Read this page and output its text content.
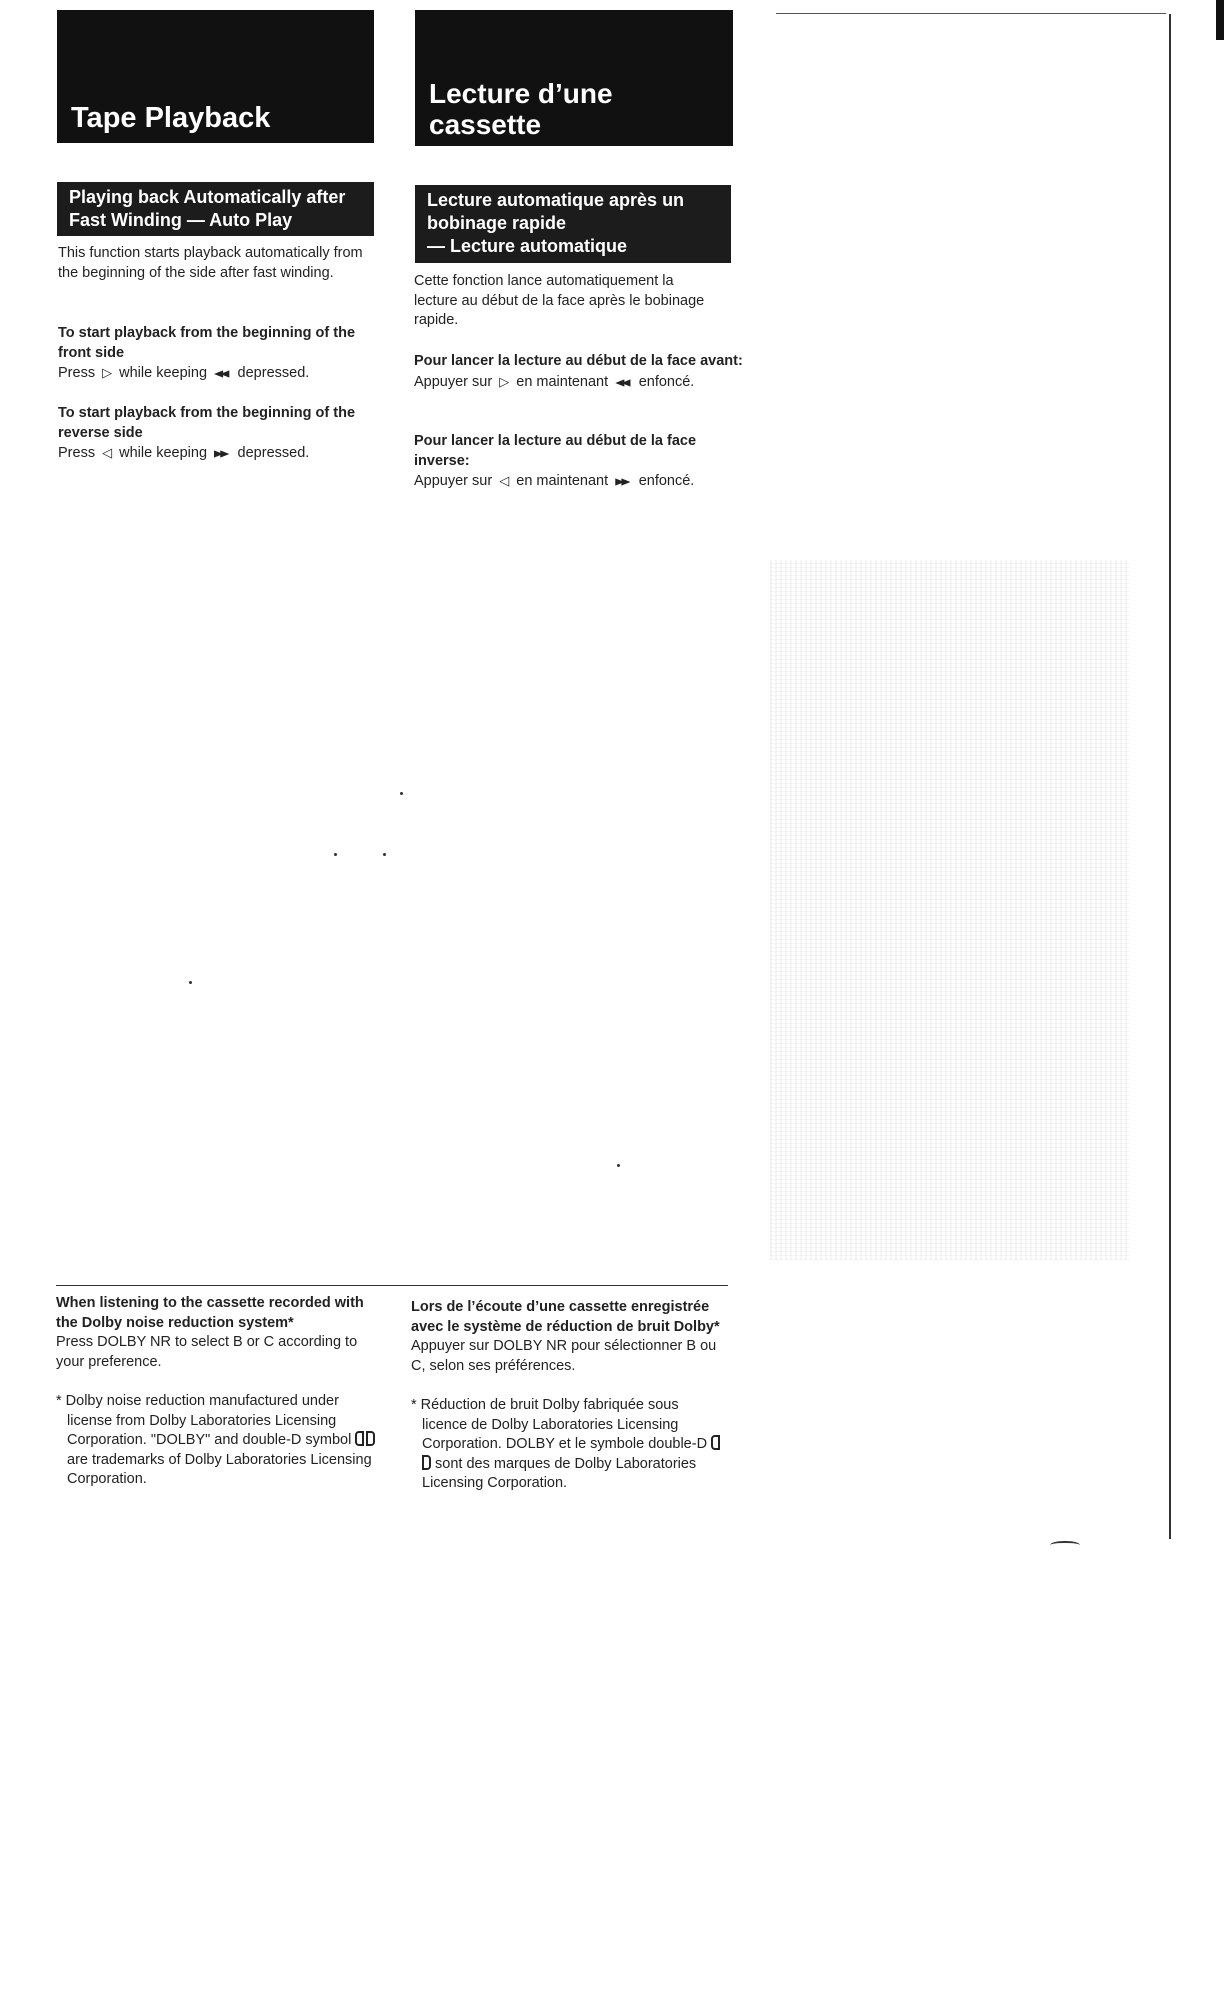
Tape Playback
Lecture d’une
cassette
Playing back Automatically after
Fast Winding — Auto Play
Lecture automatique après un
bobinage rapide
— Lecture automatique
This function starts playback automatically from the beginning of the side after fast winding.
To start playback from the beginning of the front side
Press ▷ while keeping ◀◀ depressed.
To start playback from the beginning of the reverse side
Press ◁ while keeping ▶▶ depressed.
Cette fonction lance automatiquement la lecture au début de la face après le bobinage rapide.
Pour lancer la lecture au début de la face avant:
Appuyer sur ▷ en maintenant ◀◀ enfoncé.
Pour lancer la lecture au début de la face inverse:
Appuyer sur ◁ en maintenant ▶▶ enfoncé.
When listening to the cassette recorded with the Dolby noise reduction system*
Press DOLBY NR to select B or C according to your preference.
* Dolby noise reduction manufactured under license from Dolby Laboratories Licensing Corporation. "DOLBY" and double-D symbol  are trademarks of Dolby Laboratories Licensing Corporation.
Lors de l’écoute d’une cassette enregistrée avec le système de réduction de bruit Dolby*
Appuyer sur DOLBY NR pour sélectionner B ou C, selon ses préférences.
* Réduction de bruit Dolby fabriquée sous licence de Dolby Laboratories Licensing Corporation. DOLBY et le symbole double-D  sont des marques de Dolby Laboratories Licensing Corporation.
